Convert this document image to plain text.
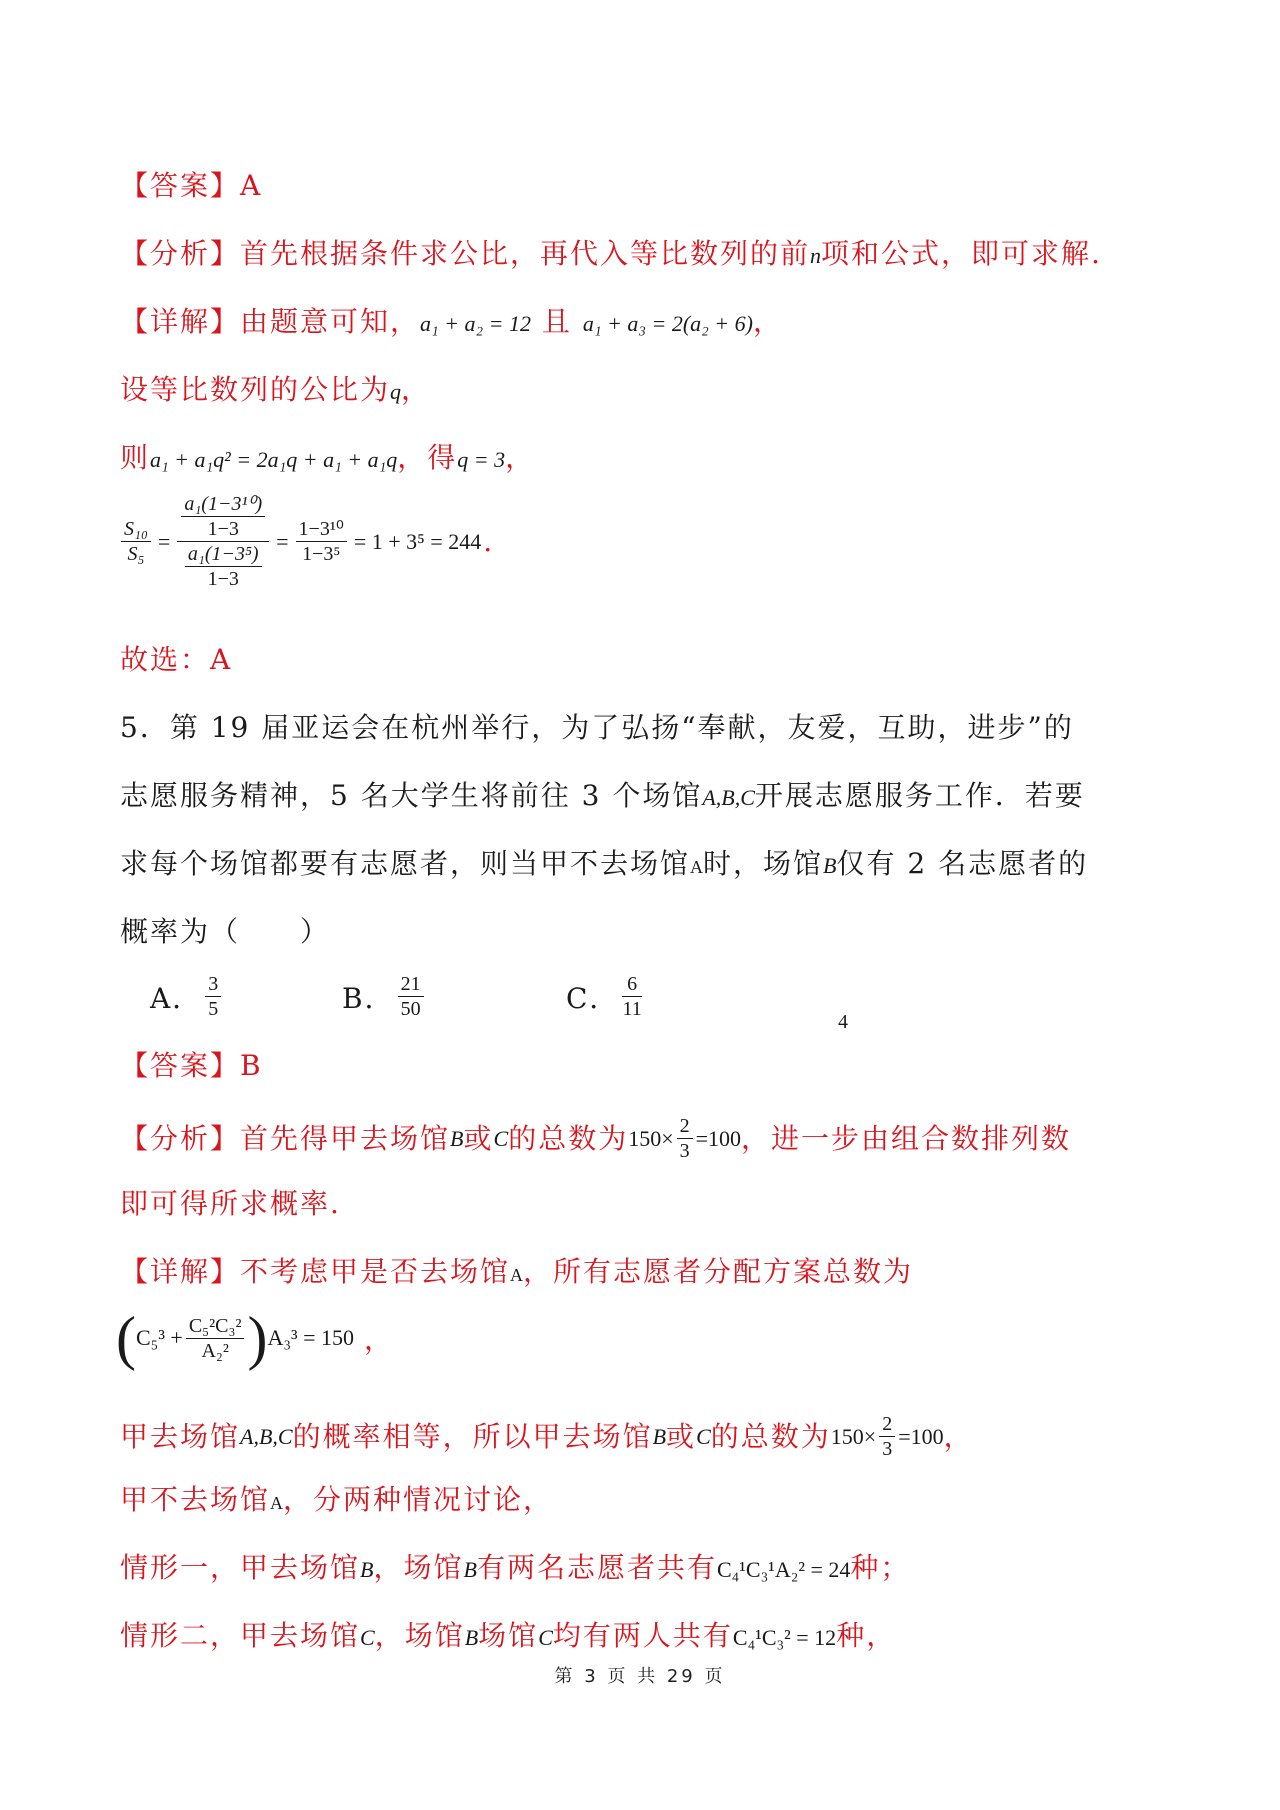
【答案】A
【分析】首先根据条件求公比，再代入等比数列的前n项和公式，即可求解.
【详解】由题意可知，a₁ + a₂ = 12 且 a₁ + a₃ = 2(a₂ + 6)，
设等比数列的公比为q，
则a₁ + a₁q² = 2a₁q + a₁ + a₁q，得q = 3，
$\frac{\text{S₁₀}}{\text{S₅}} = \frac{\frac{\text{a₁(1−3¹⁰)}}{1-3}}{\frac{\text{a₁(1−3⁵)}}{1-3}} = \frac{\text{1−3¹⁰}}{\text{1−3⁵}} = 1 + 3^5 = 244$ .
故选：A
5．第 19 届亚运会在杭州举行，为了弘扬“奉献，友爱，互助，进步”的
志愿服务精神，5 名大学生将前往 3 个场馆A,B,C开展志愿服务工作．若要
求每个场馆都要有志愿者，则当甲不去场馆A时，场馆B仅有 2 名志愿者的
概率为（　　）
A． $\frac{3}{5}$	B． $\frac{21}{50}$	C． $\frac{6}{11}$
4
【答案】B
【分析】 首先得甲去场馆 B 或 C 的总数为 $150\times \frac{2}{3} =100$ ，进一步由组合数排列数
即可得所求概率.
【详解】不考虑甲是否去场馆A，所有志愿者分配方案总数为
( $C_5^3 + \frac{\text{C₅²C₃²}}{\text{A₂²}}$ ) A₃³ = 150 ，
甲去场馆 A,B,C 的概率相等，所以甲去场馆 B 或 C 的总数为 $150\times \frac{2}{3} =100$ ，
甲不去场馆A，分两种情况讨论，
情形一，甲去场馆B，场馆B有两名志愿者共有C₄¹C₃¹A₂² = 24种；
情形二，甲去场馆C，场馆B场馆C均有两人共有C₄¹C₃² = 12种，
第 3 页 共 29 页
